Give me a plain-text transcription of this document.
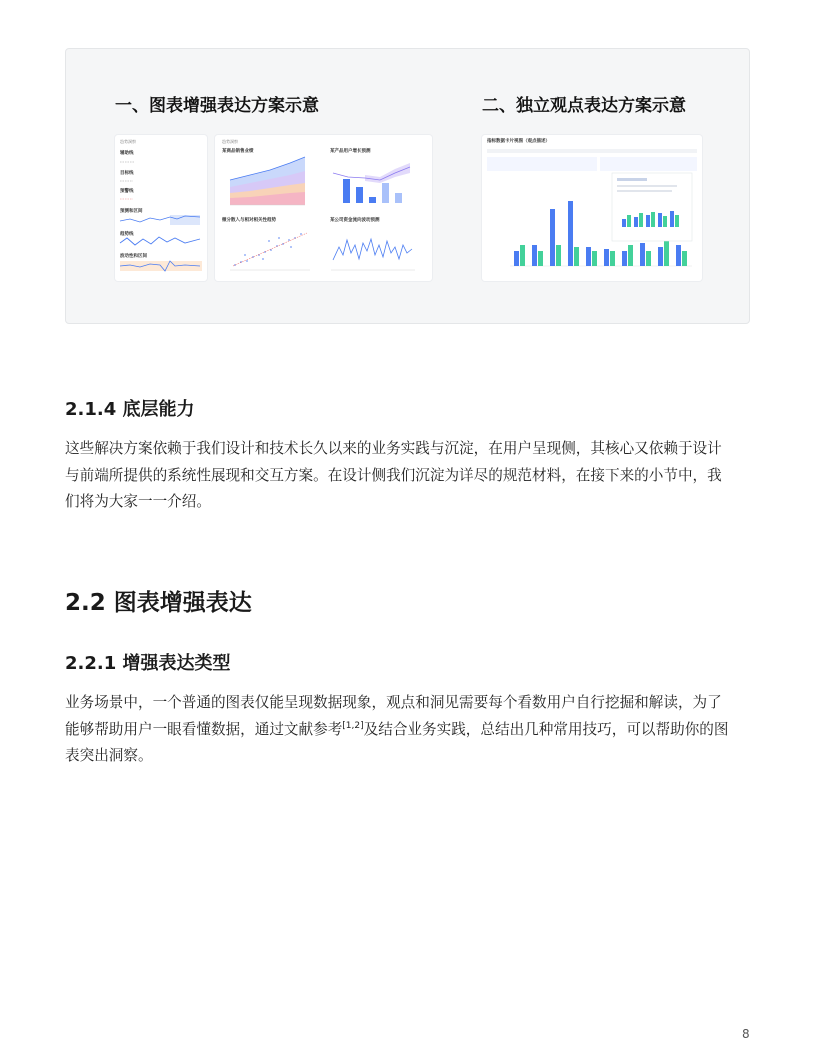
一、图表增强表达方案示意	二、独立观点表达方案示意
趋势洞察
辅助线
目标线
预警线
预测和区间
趋势线
波动性和区间
趋势洞察
某商品销售业绩	某产品用户增长预测
微分散入与相对相关性趋势	某公司资金流向波动预测
指标数据卡片视图（观点描述）
2.1.4 底层能力
这些解决方案依赖于我们设计和技术长久以来的业务实践与沉淀，在用户呈现侧，其核心又依赖于设计
与前端所提供的系统性展现和交互方案。在设计侧我们沉淀为详尽的规范材料，在接下来的小节中，我
们将为大家一一介绍。
2.2 图表增强表达
2.2.1 增强表达类型
业务场景中，一个普通的图表仅能呈现数据现象，观点和洞见需要每个看数用户自行挖掘和解读，为了
能够帮助用户一眼看懂数据，通过文献参考[1,2]及结合业务实践，总结出几种常用技巧，可以帮助你的图
表突出洞察。
8
